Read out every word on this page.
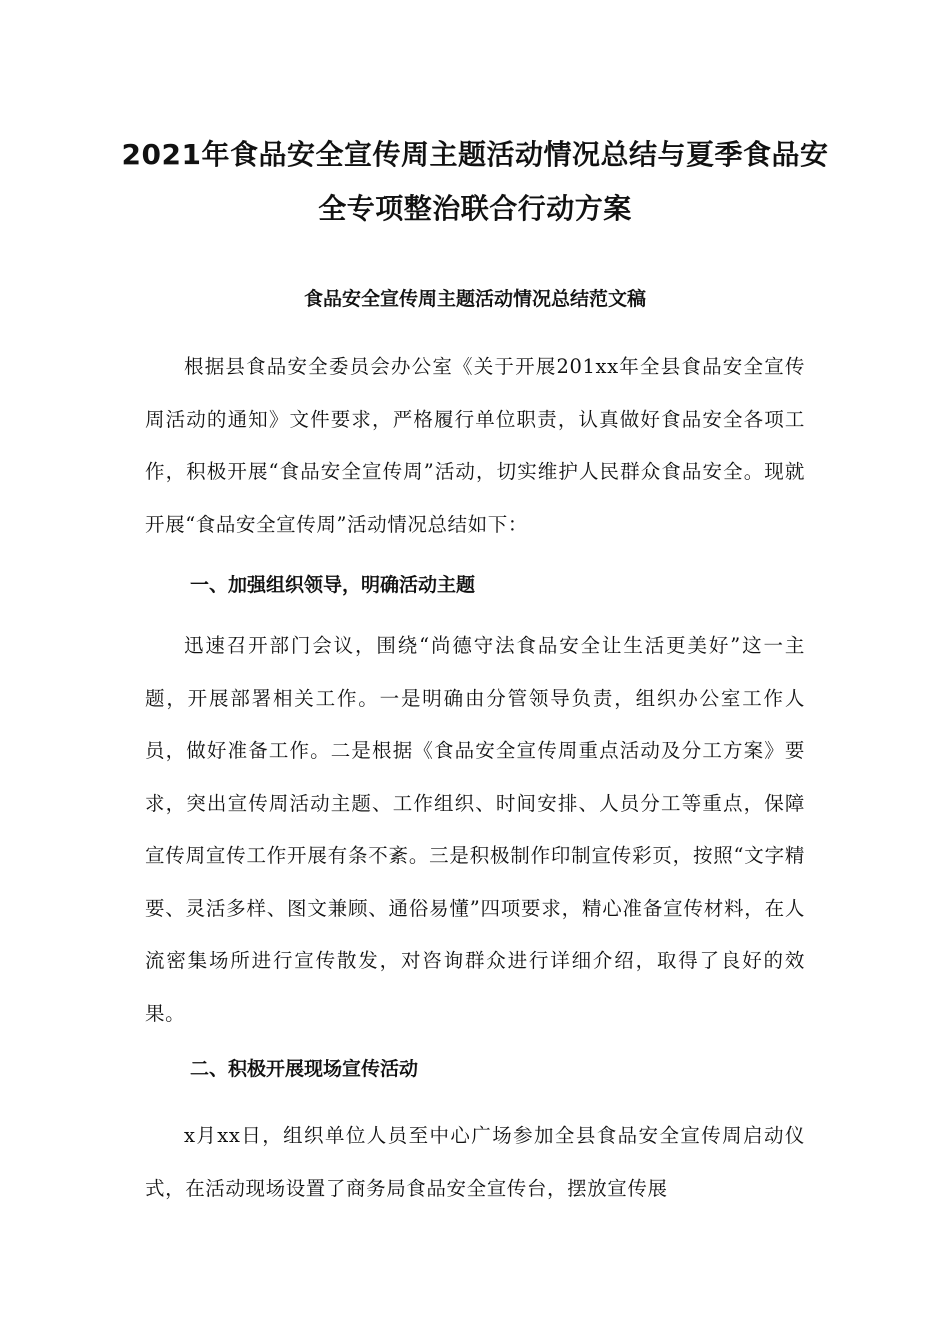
2021年食品安全宣传周主题活动情况总结与夏季食品安全专项整治联合行动方案
食品安全宣传周主题活动情况总结范文稿

根据县食品安全委员会办公室《关于开展201xx年全县食品安全宣传周活动的通知》文件要求，严格履行单位职责，认真做好食品安全各项工作，积极开展“食品安全宣传周”活动，切实维护人民群众食品安全。现就开展“食品安全宣传周”活动情况总结如下：

一、加强组织领导，明确活动主题

迅速召开部门会议，围绕“尚德守法食品安全让生活更美好”这一主题，开展部署相关工作。一是明确由分管领导负责，组织办公室工作人员，做好准备工作。二是根据《食品安全宣传周重点活动及分工方案》要求，突出宣传周活动主题、工作组织、时间安排、人员分工等重点，保障宣传周宣传工作开展有条不紊。三是积极制作印制宣传彩页，按照“文字精要、灵活多样、图文兼顾、通俗易懂”四项要求，精心准备宣传材料，在人流密集场所进行宣传散发，对咨询群众进行详细介绍，取得了良好的效果。

二、积极开展现场宣传活动

x月xx日，组织单位人员至中心广场参加全县食品安全宣传周启动仪式，在活动现场设置了商务局食品安全宣传台，摆放宣传展
